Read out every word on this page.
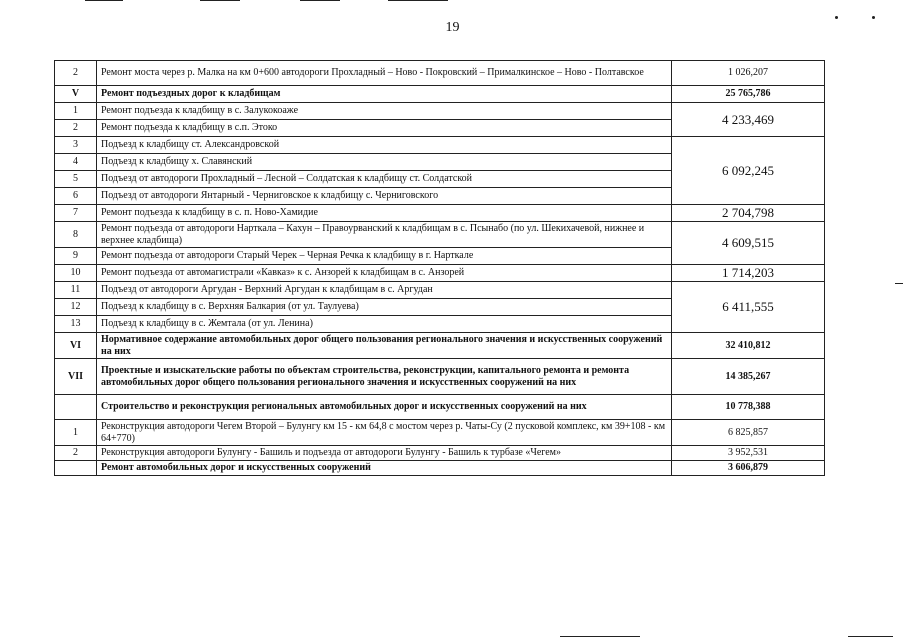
19
2	Ремонт моста через р. Малка на км 0+600 автодороги Прохладный – Ново - Покровский – Прималкинское – Ново - Полтавское	1 026,207
V	Ремонт подъездных дорог к кладбищам	25 765,786
1	Ремонт подъезда к кладбищу в с. Залукокоаже	4 233,469
2	Ремонт подъезда к кладбищу в с.п. Этоко	
3	Подъезд к кладбищу ст. Александровской	6 092,245
4	Подъезд к кладбищу х. Славянский	
5	Подъезд от автодороги Прохладный – Лесной – Солдатская к кладбищу ст. Солдатской	
6	Подъезд от автодороги Янтарный - Черниговское к кладбищу с. Черниговского	
7	Ремонт подъезда к кладбищу в с. п. Ново-Хамидие	2 704,798
8	Ремонт подъезда от автодороги Нарткала – Кахун – Правоурванский к кладбищам в с. Псынабо (по ул. Шекихачевой, нижнее и верхнее кладбища)	4 609,515
9	Ремонт подъезда от автодороги Старый Черек – Черная Речка к кладбищу в г. Нарткале	
10	Ремонт подъезда от автомагистрали «Кавказ» к с. Анзорей к кладбищам в с. Анзорей	1 714,203
11	Подъезд от автодороги Аргудан - Верхний Аргудан к кладбищам в с. Аргудан	6 411,555
12	Подъезд к кладбищу в с. Верхняя Балкария (от ул. Таулуева)	
13	Подъезд к кладбищу в с. Жемтала (от ул. Ленина)	
VI	Нормативное содержание автомобильных дорог общего пользования регионального значения и искусственных сооружений на них	32 410,812
VII	Проектные и изыскательские работы по объектам строительства, реконструкции, капитального ремонта и ремонта автомобильных дорог общего пользования регионального значения и искусственных сооружений на них	14 385,267
	Строительство и реконструкция региональных автомобильных дорог и искусственных сооружений на них	10 778,388
1	Реконструкция автодороги Чегем Второй – Булунгу км 15 - км 64,8 с мостом через р. Чаты-Су (2 пусковой комплекс, км 39+108 - км 64+770)	6 825,857
2	Реконструкция автодороги Булунгу - Башиль и подъезда от автодороги Булунгу - Башиль к турбазе «Чегем»	3 952,531
	Ремонт автомобильных дорог и искусственных сооружений	3 606,879
